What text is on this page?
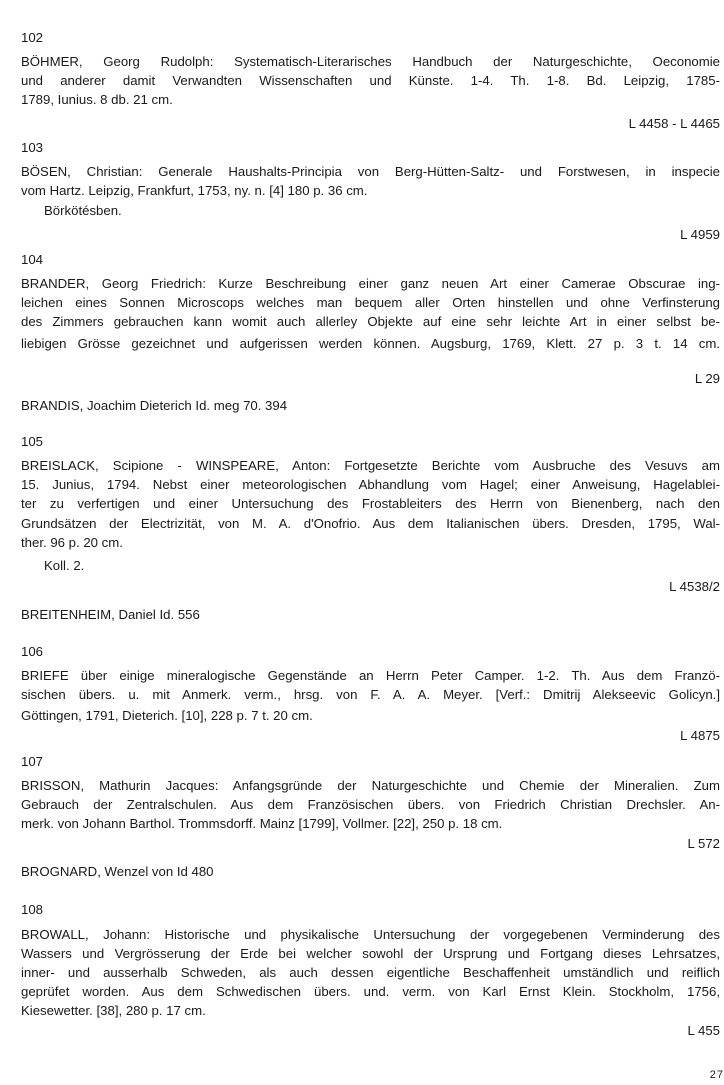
102
BÖHMER, Georg Rudolph: Systematisch-Literarisches Handbuch der Naturgeschichte, Oeconomie
und anderer damit Verwandten Wissenschaften und Künste. 1-4. Th. 1-8. Bd. Leipzig, 1785-
1789, Iunius. 8 db. 21 cm.
L 4458 - L 4465
103
BÖSEN, Christian: Generale Haushalts-Principia von Berg-Hütten-Saltz- und Forstwesen, in inspecie
vom Hartz. Leipzig, Frankfurt, 1753, ny. n. [4] 180 p. 36 cm.
Börkötésben.
L 4959
104
BRANDER, Georg Friedrich: Kurze Beschreibung einer ganz neuen Art einer Camerae Obscurae ing-
leichen eines Sonnen Microscops welches man bequem aller Orten hinstellen und ohne Verfinsterung
des Zimmers gebrauchen kann womit auch allerley Objekte auf eine sehr leichte Art in einer selbst be-
liebigen Grösse gezeichnet und aufgerissen werden können. Augsburg, 1769, Klett. 27 p. 3 t. 14 cm.
L 29
BRANDIS, Joachim Dieterich Id. meg 70. 394
105
BREISLACK, Scipione - WINSPEARE, Anton: Fortgesetzte Berichte vom Ausbruche des Vesuvs am
15. Junius, 1794. Nebst einer meteorologischen Abhandlung vom Hagel; einer Anweisung, Hagelablei-
ter zu verfertigen und einer Untersuchung des Frostableiters des Herrn von Bienenberg, nach den
Grundsätzen der Electrizität, von M. A. d'Onofrio. Aus dem Italianischen übers. Dresden, 1795, Wal-
ther. 96 p. 20 cm.
Koll. 2.
L 4538/2
BREITENHEIM, Daniel Id. 556
106
BRIEFE über einige mineralogische Gegenstände an Herrn Peter Camper. 1-2. Th. Aus dem Franzö-
sischen übers. u. mit Anmerk. verm., hrsg. von F. A. A. Meyer. [Verf.: Dmitrij Alekseevic Golicyn.]
Göttingen, 1791, Dieterich. [10], 228 p. 7 t. 20 cm.
L 4875
107
BRISSON, Mathurin Jacques: Anfangsgründe der Naturgeschichte und Chemie der Mineralien. Zum
Gebrauch der Zentralschulen. Aus dem Französischen übers. von Friedrich Christian Drechsler. An-
merk. von Johann Barthol. Trommsdorff. Mainz [1799], Vollmer. [22], 250 p. 18 cm.
L 572
BROGNARD, Wenzel von Id 480
108
BROWALL, Johann: Historische und physikalische Untersuchung der vorgegebenen Verminderung des
Wassers und Vergrösserung der Erde bei welcher sowohl der Ursprung und Fortgang dieses Lehrsatzes,
inner- und ausserhalb Schweden, als auch dessen eigentliche Beschaffenheit umständlich und reiflich
geprüfet worden. Aus dem Schwedischen übers. und. verm. von Karl Ernst Klein. Stockholm, 1756,
Kiesewetter. [38], 280 p. 17 cm.
L 455
27
